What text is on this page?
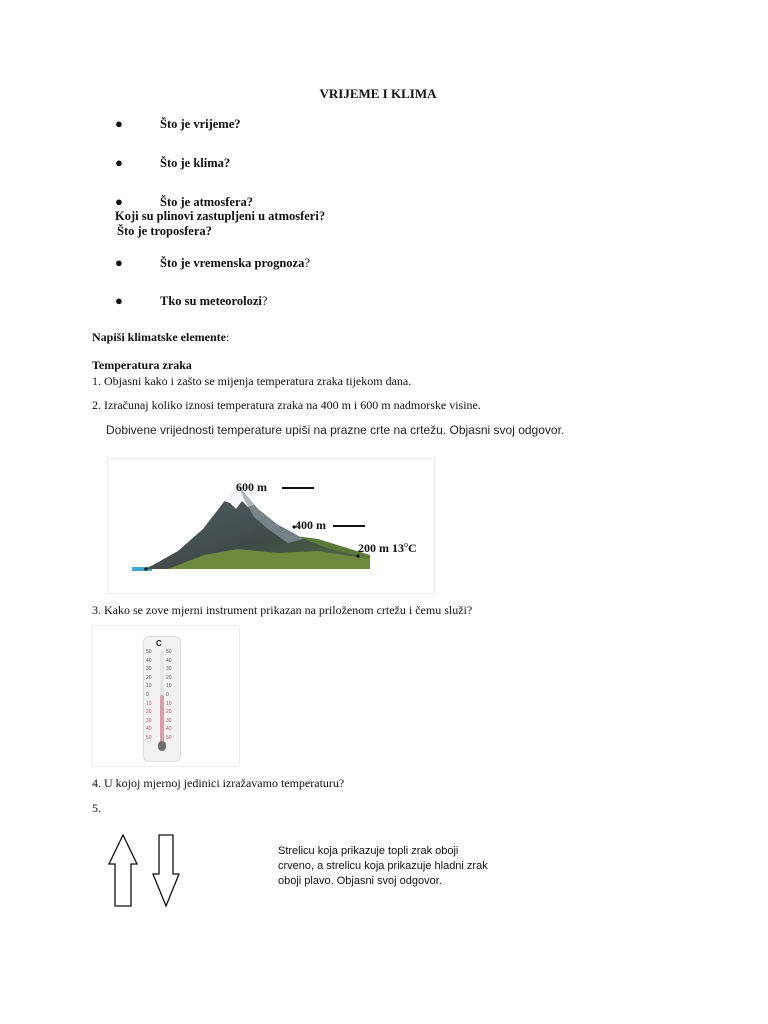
VRIJEME I KLIMA
●	Što je vrijeme?
●	Što je klima?
●	Što je atmosfera?
Koji su plinovi zastupljeni u atmosferi?
Što je troposfera?
●	Što je vremenska prognoza?
●	Tko su meteorolozi?
Napiši klimatske elemente:
Temperatura zraka
1. Objasni kako i zašto se mijenja temperatura zraka tijekom dana.
2. Izračunaj koliko iznosi temperatura zraka na 400 m i 600 m nadmorske visine.
Dobivene vrijednosti temperature upiši na prazne crte na crtežu. Objasni svoj odgovor.
600 m
400 m
200 m 13$^o$C
3. Kako se zove mjerni instrument prikazan na priloženom crtežu i čemu služi?
C
50
40
30
20
10
0
10
20
30
40
50
50
40
30
20
10
0
10
20
30
40
50
4. U kojoj mjernoj jedinici izražavamo temperaturu?
5.
Strelicu koja prikazuje topli zrak oboji crveno, a strelicu koja prikazuje hladni zrak oboji plavo. Objasni svoj odgovor.
